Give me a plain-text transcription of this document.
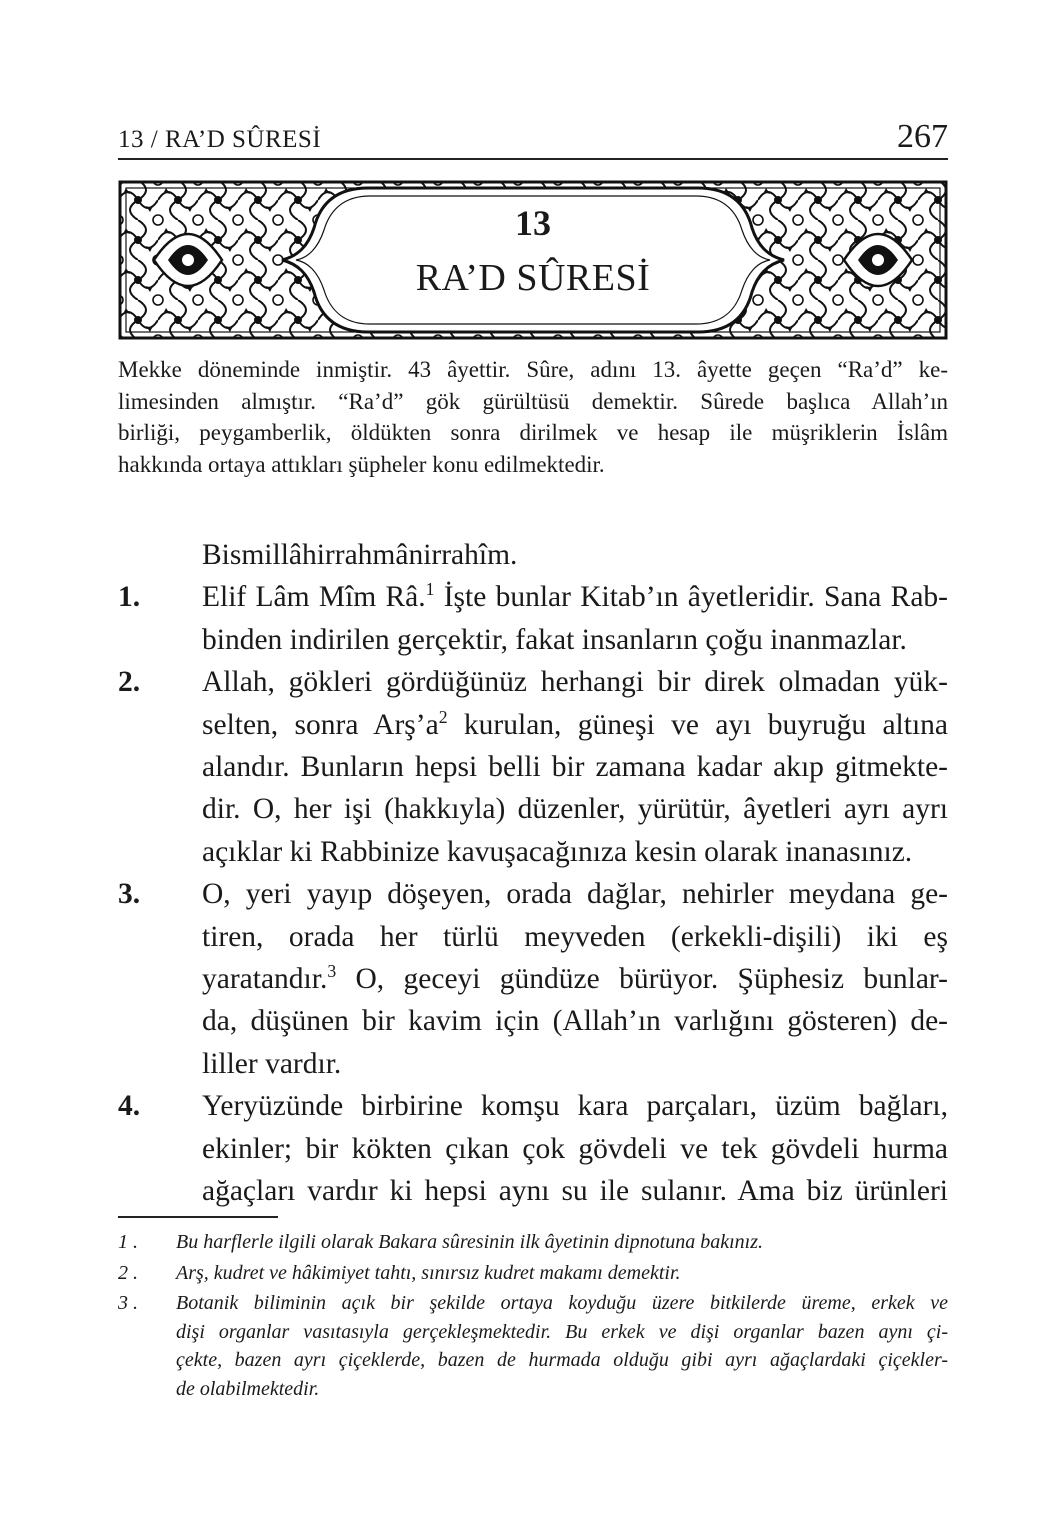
13 / RA’D SÛRESİ	267
13
RA’D SÛRESİ
Mekke döneminde inmiştir. 43 âyettir. Sûre, adını 13. âyette geçen “Ra’d” ke-
limesinden almıştır. “Ra’d” gök gürültüsü demektir. Sûrede başlıca Allah’ın
birliği, peygamberlik, öldükten sonra dirilmek ve hesap ile müşriklerin İslâm
hakkında ortaya attıkları şüpheler konu edilmektedir.
Bismillâhirrahmânirrahîm.
1. Elif Lâm Mîm Râ.$^1$ İşte bunlar Kitab’ın âyetleridir. Sana Rab-
binden indirilen gerçektir, fakat insanların çoğu inanmazlar.
2. Allah, gökleri gördüğünüz herhangi bir direk olmadan yük-
selten, sonra $Arş’a^2$ kurulan, güneşi ve ayı buyruğu altına
alandır. Bunların hepsi belli bir zamana kadar akıp gitmekte-
dir. O, her işi (hakkıyla) düzenler, yürütür, âyetleri ayrı ayrı
açıklar ki Rabbinize kavuşacağınıza kesin olarak inanasınız.
3. O, yeri yayıp döşeyen, orada dağlar, nehirler meydana ge-
tiren, orada her türlü meyveden (erkekli-dişili) iki eş
yaratandır.$^3$ O, geceyi gündüze bürüyor. Şüphesiz bunlar-
da, düşünen bir kavim için (Allah’ın varlığını gösteren) de-
liller vardır.
4. Yeryüzünde birbirine komşu kara parçaları, üzüm bağları,
ekinler; bir kökten çıkan çok gövdeli ve tek gövdeli hurma
ağaçları vardır ki hepsi aynı su ile sulanır. Ama biz ürünleri
1 . Bu harflerle ilgili olarak Bakara sûresinin ilk âyetinin dipnotuna bakınız.
2 . Arş, kudret ve hâkimiyet tahtı, sınırsız kudret makamı demektir.
3 . Botanik biliminin açık bir şekilde ortaya koyduğu üzere bitkilerde üreme, erkek ve
dişi organlar vasıtasıyla gerçekleşmektedir. Bu erkek ve dişi organlar bazen aynı çi-
çekte, bazen ayrı çiçeklerde, bazen de hurmada olduğu gibi ayrı ağaçlardaki çiçekler-
de olabilmektedir.
